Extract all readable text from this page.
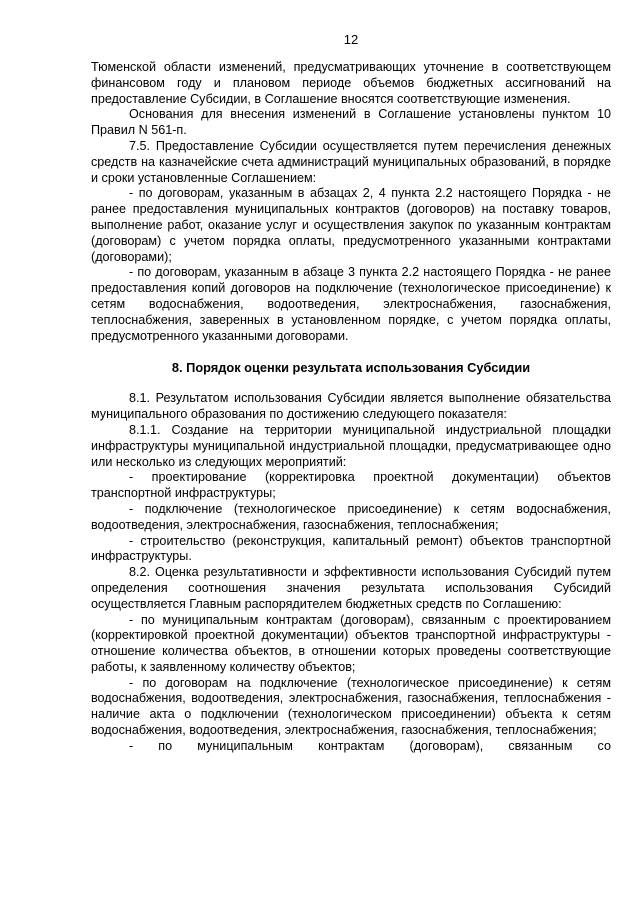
12

Тюменской области изменений, предусматривающих уточнение в соответствующем финансовом году и плановом периоде объемов бюджетных ассигнований на предоставление Субсидии, в Соглашение вносятся соответствующие изменения.

Основания для внесения изменений в Соглашение установлены пунктом 10 Правил N 561-п.

7.5. Предоставление Субсидии осуществляется путем перечисления денежных средств на казначейские счета администраций муниципальных образований, в порядке и сроки установленные Соглашением:

- по договорам, указанным в абзацах 2, 4 пункта 2.2 настоящего Порядка - не ранее предоставления муниципальных контрактов (договоров) на поставку товаров, выполнение работ, оказание услуг и осуществления закупок по указанным контрактам (договорам) с учетом порядка оплаты, предусмотренного указанными контрактами (договорами);

- по договорам, указанным в абзаце 3 пункта 2.2 настоящего Порядка - не ранее предоставления копий договоров на подключение (технологическое присоединение) к сетям водоснабжения, водоотведения, электроснабжения, газоснабжения, теплоснабжения, заверенных в установленном порядке, с учетом порядка оплаты, предусмотренного указанными договорами.

8. Порядок оценки результата использования Субсидии

8.1. Результатом использования Субсидии является выполнение обязательства муниципального образования по достижению следующего показателя:

8.1.1. Создание на территории муниципальной индустриальной площадки инфраструктуры муниципальной индустриальной площадки, предусматривающее одно или несколько из следующих мероприятий:

- проектирование (корректировка проектной документации) объектов транспортной инфраструктуры;

- подключение (технологическое присоединение) к сетям водоснабжения, водоотведения, электроснабжения, газоснабжения, теплоснабжения;

- строительство (реконструкция, капитальный ремонт) объектов транспортной инфраструктуры.

8.2. Оценка результативности и эффективности использования Субсидий путем определения соотношения значения результата использования Субсидий осуществляется Главным распорядителем бюджетных средств по Соглашению:

- по муниципальным контрактам (договорам), связанным с проектированием (корректировкой проектной документации) объектов транспортной инфраструктуры - отношение количества объектов, в отношении которых проведены соответствующие работы, к заявленному количеству объектов;

- по договорам на подключение (технологическое присоединение) к сетям водоснабжения, водоотведения, электроснабжения, газоснабжения, теплоснабжения - наличие акта о подключении (технологическом присоединении) объекта к сетям водоснабжения, водоотведения, электроснабжения, газоснабжения, теплоснабжения;

- по муниципальным контрактам (договорам), связанным со
